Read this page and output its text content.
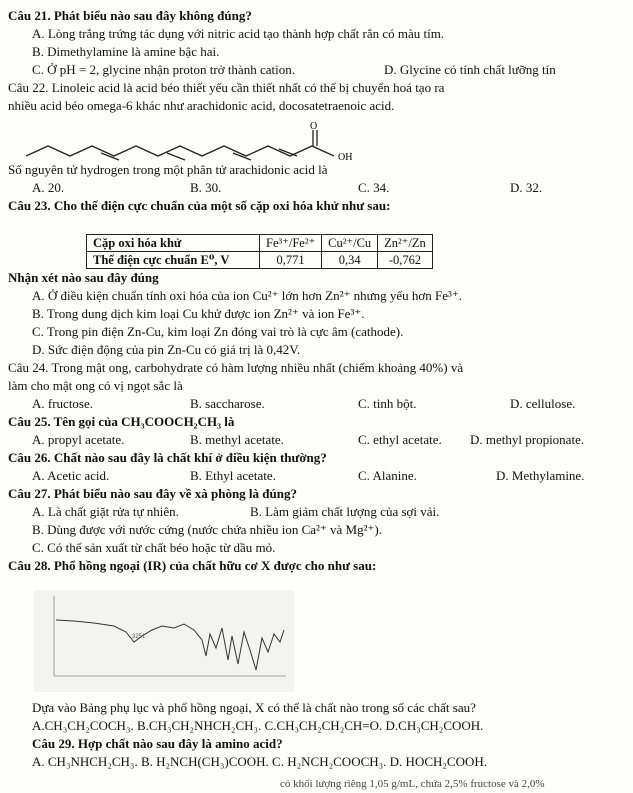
Câu 21. Phát biểu nào sau đây không đúng?
A. Lòng trắng trứng tác dụng với nitric acid tạo thành hợp chất rắn có màu tím.
B. Dimethylamine là amine bậc hai.
C. Ở pH = 2, glycine nhận proton trở thành cation.	D. Glycine có tính chất lưỡng tín
Câu 22. Linoleic acid là acid béo thiết yếu cần thiết nhất có thể bị chuyển hoá tạo ra
nhiều acid béo omega-6 khác như arachidonic acid, docosatetraenoic acid.
O
OH
Số nguyên tử hydrogen trong một phân tử arachidonic acid là
A. 20.	B. 30.	C. 34.	D. 32.
Câu 23. Cho thế điện cực chuẩn của một số cặp oxi hóa khử như sau:
Cặp oxi hóa khử	Fe³⁺/Fe²⁺	Cu²⁺/Cu	Zn²⁺/Zn
Thế điện cực chuẩn E⁰, V	0,771	0,34	-0,762
Nhận xét nào sau đây đúng
A. Ở điều kiện chuẩn tính oxi hóa của ion Cu²⁺ lớn hơn Zn²⁺ nhưng yếu hơn Fe³⁺.
B. Trong dung dịch kim loại Cu khử được ion Zn²⁺ và ion Fe³⁺.
C. Trong pin điện Zn-Cu, kim loại Zn đóng vai trò là cực âm (cathode).
D. Sức điện động của pin Zn-Cu có giá trị là 0,42V.
Câu 24. Trong mật ong, carbohydrate có hàm lượng nhiều nhất (chiếm khoảng 40%) và
làm cho mật ong có vị ngọt sắc là
A. fructose.	B. saccharose.	C. tinh bột.	D. cellulose.
Câu 25. Tên gọi của CH₃COOCH₂CH₃ là
A. propyl acetate.	B. methyl acetate.	C. ethyl acetate. D. methyl propionate.
Câu 26. Chất nào sau đây là chất khí ở điều kiện thường?
A. Acetic acid.	B. Ethyl acetate.	C. Alanine.	D. Methylamine.
Câu 27. Phát biểu nào sau đây về xà phòng là đúng?
A. Là chất giặt rửa tự nhiên.	B. Làm giảm chất lượng của sợi vải.
B. Dùng được với nước cứng (nước chứa nhiều ion Ca²⁺ và Mg²⁺).
C. Có thể sản xuất từ chất béo hoặc từ dầu mỏ.
Câu 28. Phổ hồng ngoại (IR) của chất hữu cơ X được cho như sau:
3251
Dựa vào Bảng phụ lục và phổ hồng ngoại, X có thể là chất nào trong số các chất sau?
A.CH₃CH₂COCH₃. B.CH₃CH₂NHCH₂CH₃. C.CH₃CH₂CH₂CH=O. D.CH₃CH₂COOH.
Câu 29. Hợp chất nào sau đây là amino acid?
A. CH₃NHCH₂CH₃. B. H₂NCH(CH₃)COOH. C. H₂NCH₂COOCH₃. D. HOCH₂COOH.
có khối lượng riêng 1,05 g/mL, chứa 2,5% fructose và 2,0%
